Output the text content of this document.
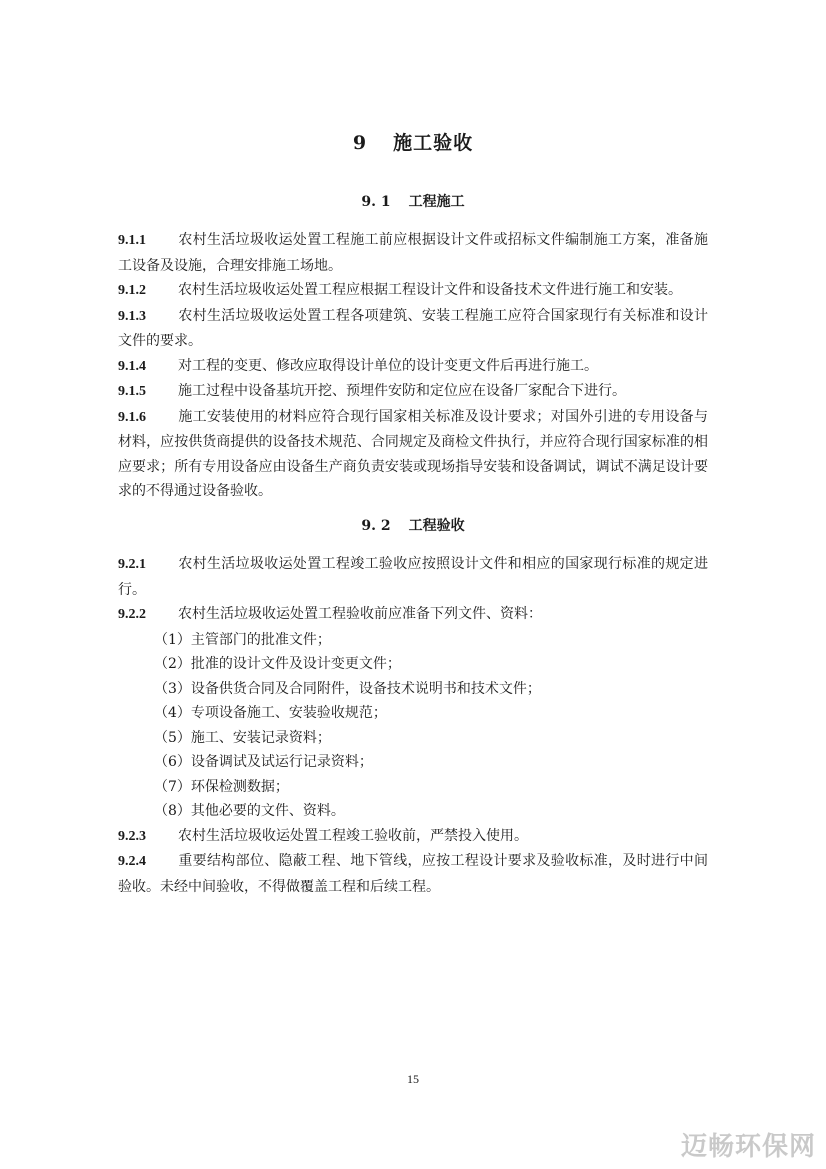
9 施工验收
9. 1 工程施工

9.1.1 农村生活垃圾收运处置工程施工前应根据设计文件或招标文件编制施工方案，准备施工设备及设施，合理安排施工场地。

9.1.2 农村生活垃圾收运处置工程应根据工程设计文件和设备技术文件进行施工和安装。

9.1.3 农村生活垃圾收运处置工程各项建筑、安装工程施工应符合国家现行有关标准和设计文件的要求。

9.1.4 对工程的变更、修改应取得设计单位的设计变更文件后再进行施工。

9.1.5 施工过程中设备基坑开挖、预埋件安防和定位应在设备厂家配合下进行。

9.1.6 施工安装使用的材料应符合现行国家相关标准及设计要求；对国外引进的专用设备与材料，应按供货商提供的设备技术规范、合同规定及商检文件执行，并应符合现行国家标准的相应要求；所有专用设备应由设备生产商负责安装或现场指导安装和设备调试，调试不满足设计要求的不得通过设备验收。

9. 2 工程验收

9.2.1 农村生活垃圾收运处置工程竣工验收应按照设计文件和相应的国家现行标准的规定进行。

9.2.2 农村生活垃圾收运处置工程验收前应准备下列文件、资料：

（1）主管部门的批准文件；

（2）批准的设计文件及设计变更文件；

（3）设备供货合同及合同附件，设备技术说明书和技术文件；

（4）专项设备施工、安装验收规范；

（5）施工、安装记录资料；

（6）设备调试及试运行记录资料；

（7）环保检测数据；

（8）其他必要的文件、资料。

9.2.3 农村生活垃圾收运处置工程竣工验收前，严禁投入使用。

9.2.4 重要结构部位、隐蔽工程、地下管线，应按工程设计要求及验收标准，及时进行中间验收。未经中间验收，不得做覆盖工程和后续工程。

15
迈畅环保网
